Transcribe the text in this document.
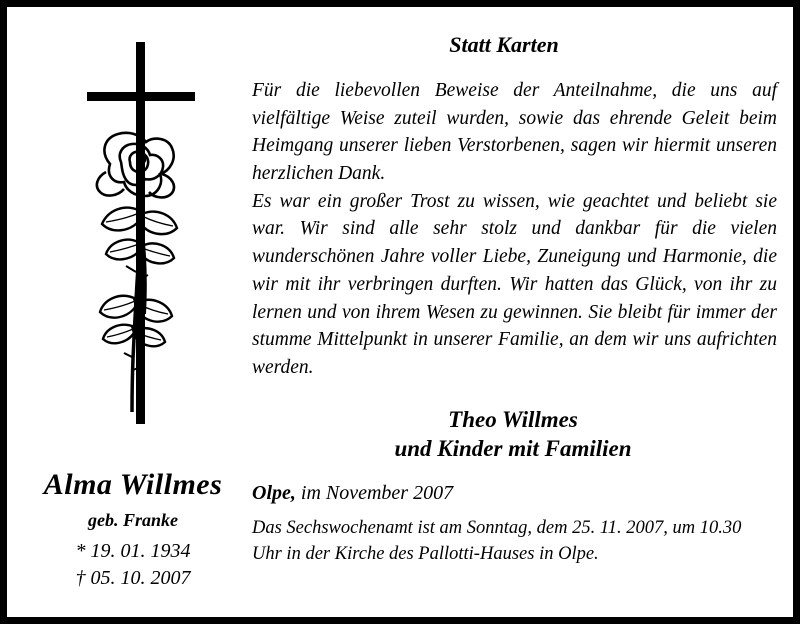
Alma Willmes
geb. Franke
* 19. 01. 1934
† 05. 10. 2007
Statt Karten

Für die liebevollen Beweise der Anteilnahme, die uns auf vielfältige Weise zuteil wurden, sowie das ehrende Geleit beim Heimgang unserer lieben Verstorbenen, sagen wir hiermit unseren herzlichen Dank.

Es war ein großer Trost zu wissen, wie geachtet und beliebt sie war. Wir sind alle sehr stolz und dankbar für die vielen wunderschönen Jahre voller Liebe, Zuneigung und Harmonie, die wir mit ihr verbringen durften. Wir hatten das Glück, von ihr zu lernen und von ihrem Wesen zu gewinnen. Sie bleibt für immer der stumme Mittelpunkt in unserer Familie, an dem wir uns aufrichten werden.

Theo Willmes
und Kinder mit Familien
Olpe, im November 2007
Das Sechswochenamt ist am Sonntag, dem 25. 11. 2007, um 10.30 Uhr in der Kirche des Pallotti-Hauses in Olpe.
